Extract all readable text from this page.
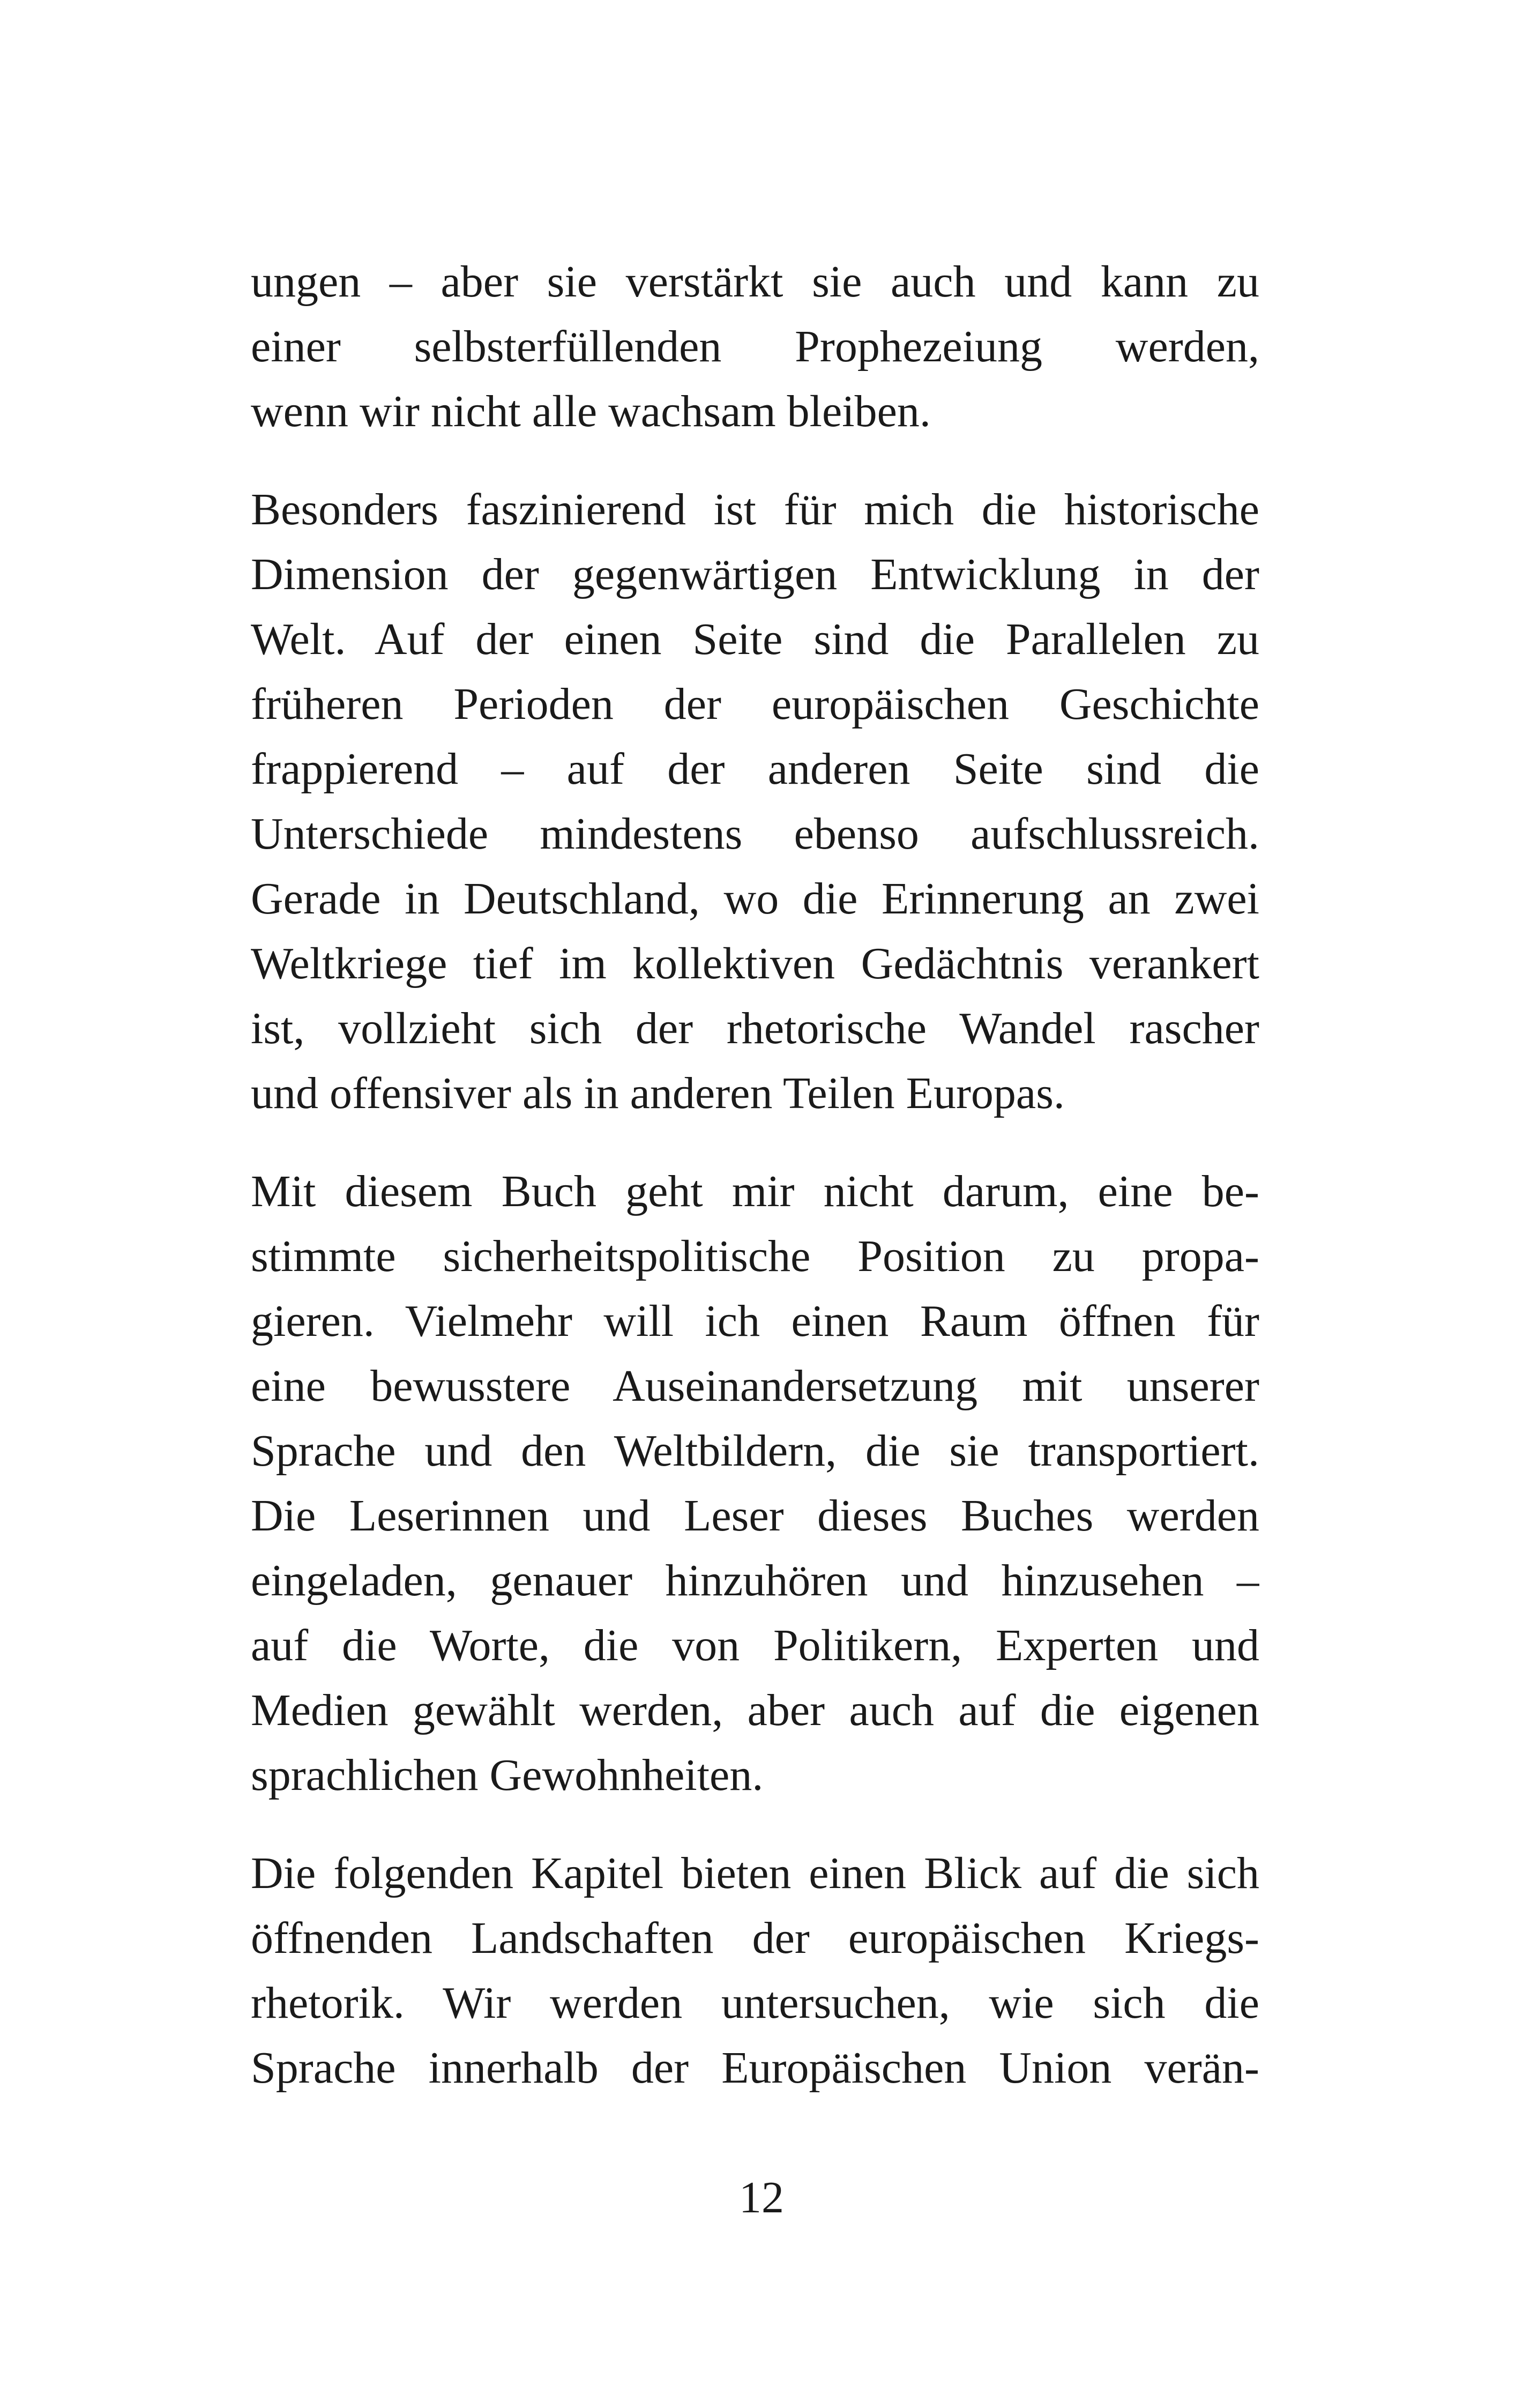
ungen – aber sie verstärkt sie auch und kann zu
einer selbsterfüllenden Prophezeiung werden,
wenn wir nicht alle wachsam bleiben.
Besonders faszinierend ist für mich die historische
Dimension der gegenwärtigen Entwicklung in der
Welt. Auf der einen Seite sind die Parallelen zu
früheren Perioden der europäischen Geschichte
frappierend – auf der anderen Seite sind die
Unterschiede mindestens ebenso aufschlussreich.
Gerade in Deutschland, wo die Erinnerung an zwei
Weltkriege tief im kollektiven Gedächtnis verankert
ist, vollzieht sich der rhetorische Wandel rascher
und offensiver als in anderen Teilen Europas.
Mit diesem Buch geht mir nicht darum, eine be-
stimmte sicherheitspolitische Position zu propa-
gieren. Vielmehr will ich einen Raum öffnen für
eine bewusstere Auseinandersetzung mit unserer
Sprache und den Weltbildern, die sie transportiert.
Die Leserinnen und Leser dieses Buches werden
eingeladen, genauer hinzuhören und hinzusehen –
auf die Worte, die von Politikern, Experten und
Medien gewählt werden, aber auch auf die eigenen
sprachlichen Gewohnheiten.
Die folgenden Kapitel bieten einen Blick auf die sich
öffnenden Landschaften der europäischen Kriegs-
rhetorik. Wir werden untersuchen, wie sich die
Sprache innerhalb der Europäischen Union verän-
12
